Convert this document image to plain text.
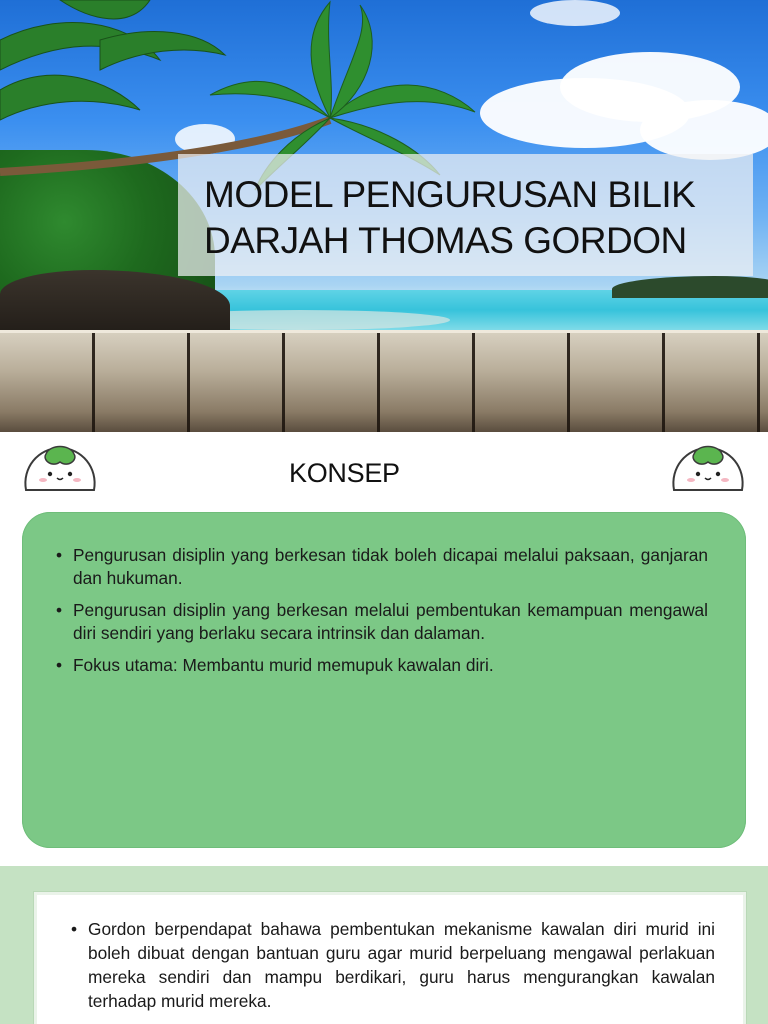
MODEL PENGURUSAN BILIK
DARJAH THOMAS GORDON
KONSEP
• Pengurusan disiplin yang berkesan tidak boleh dicapai melalui paksaan, ganjaran dan hukuman.
• Pengurusan disiplin yang berkesan melalui pembentukan kemampuan mengawal diri sendiri yang berlaku secara intrinsik dan dalaman.
• Fokus utama: Membantu murid memupuk kawalan diri.
• Gordon berpendapat bahawa pembentukan mekanisme kawalan diri murid ini boleh dibuat dengan bantuan guru agar murid berpeluang mengawal perlakuan mereka sendiri dan mampu berdikari, guru harus mengurangkan kawalan terhadap murid mereka.
